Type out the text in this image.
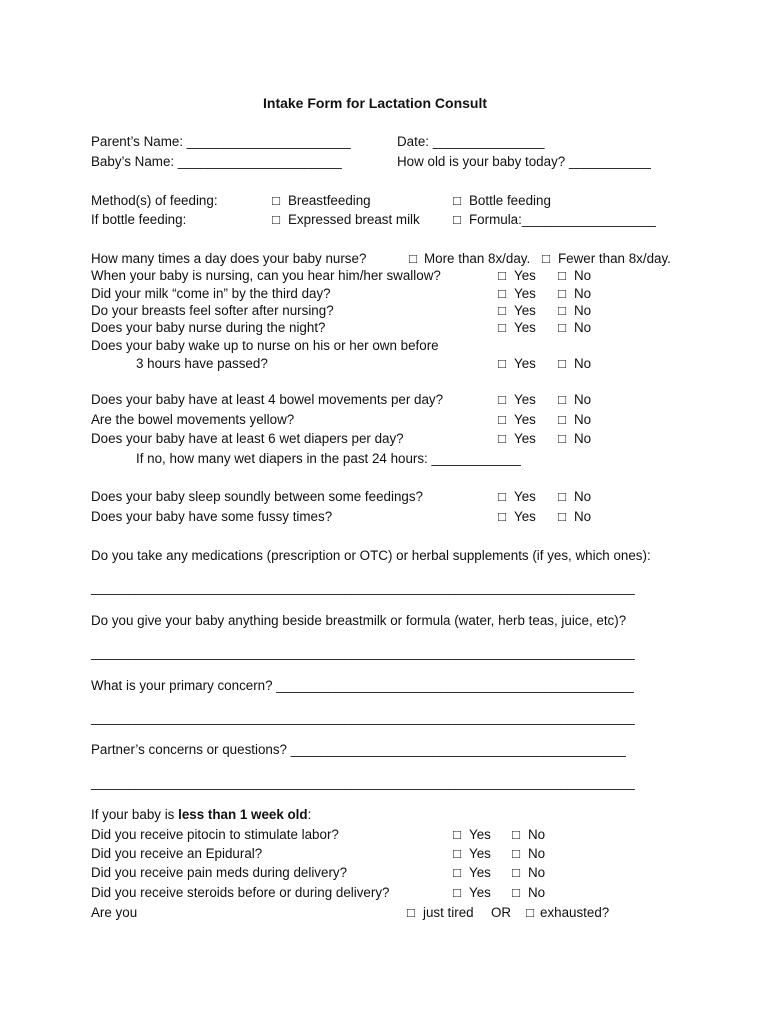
Intake Form for Lactation Consult
Parent’s Name: ______________________	Date: _______________
Baby’s Name: ______________________	How old is your baby today? ___________
Method(s) of feeding:	□ Breastfeeding	□ Bottle feeding
If bottle feeding:	□ Expressed breast milk □ Formula:__________________
How many times a day does your baby nurse?	□ More than 8x/day. □ Fewer than 8x/day.
When your baby is nursing, can you hear him/her swallow?	□ Yes □ No
Did your milk “come in” by the third day?	□ Yes □ No
Do your breasts feel softer after nursing?	□ Yes □ No
Does your baby nurse during the night?	□ Yes □ No
Does your baby wake up to nurse on his or her own before
3 hours have passed?	□ Yes □ No
Does your baby have at least 4 bowel movements per day?	□ Yes □ No
Are the bowel movements yellow?	□ Yes □ No
Does your baby have at least 6 wet diapers per day?	□ Yes □ No
If no, how many wet diapers in the past 24 hours: ____________
Does your baby sleep soundly between some feedings?	□ Yes □ No
Does your baby have some fussy times?	□ Yes □ No
Do you take any medications (prescription or OTC) or herbal supplements (if yes, which ones):
_________________________________________________________________________
Do you give your baby anything beside breastmilk or formula (water, herb teas, juice, etc)?
_________________________________________________________________________
What is your primary concern? ________________________________________________
_________________________________________________________________________
Partner’s concerns or questions? _____________________________________________
_________________________________________________________________________
If your baby is less than 1 week old:
Did you receive pitocin to stimulate labor?	□ Yes □ No
Did you receive an Epidural?	□ Yes □ No
Did you receive pain meds during delivery?	□ Yes □ No
Did you receive steroids before or during delivery?	□ Yes □ No
Are you	□ just tired OR □ exhausted?
